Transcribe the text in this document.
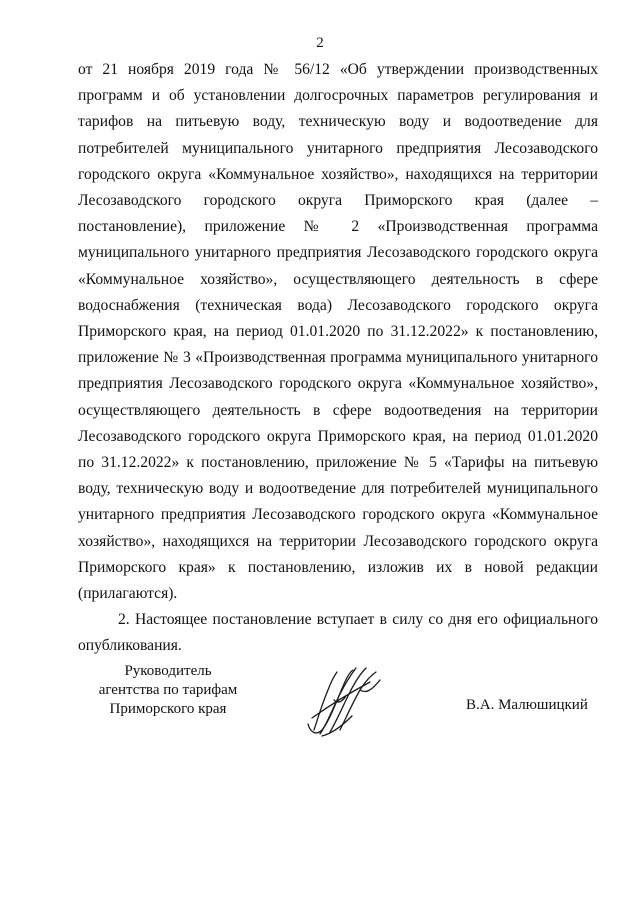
2

от 21 ноября 2019 года № 56/12 «Об утверждении производственных программ и об установлении долгосрочных параметров регулирования и тарифов на питьевую воду, техническую воду и водоотведение для потребителей муниципального унитарного предприятия Лесозаводского городского округа «Коммунальное хозяйство», находящихся на территории Лесозаводского городского округа Приморского края (далее – постановление), приложение № 2 «Производственная программа муниципального унитарного предприятия Лесозаводского городского округа «Коммунальное хозяйство», осуществляющего деятельность в сфере водоснабжения (техническая вода) Лесозаводского городского округа Приморского края, на период 01.01.2020 по 31.12.2022» к постановлению, приложение № 3 «Производственная программа муниципального унитарного предприятия Лесозаводского городского округа «Коммунальное хозяйство», осуществляющего деятельность в сфере водоотведения на территории Лесозаводского городского округа Приморского края, на период 01.01.2020 по 31.12.2022» к постановлению, приложение № 5 «Тарифы на питьевую воду, техническую воду и водоотведение для потребителей муниципального унитарного предприятия Лесозаводского городского округа «Коммунальное хозяйство», находящихся на территории Лесозаводского городского округа Приморского края» к постановлению, изложив их в новой редакции (прилагаются).

2. Настоящее постановление вступает в силу со дня его официального опубликования.

Руководитель
агентства по тарифам
Приморского края	В.А. Малюшицкий
